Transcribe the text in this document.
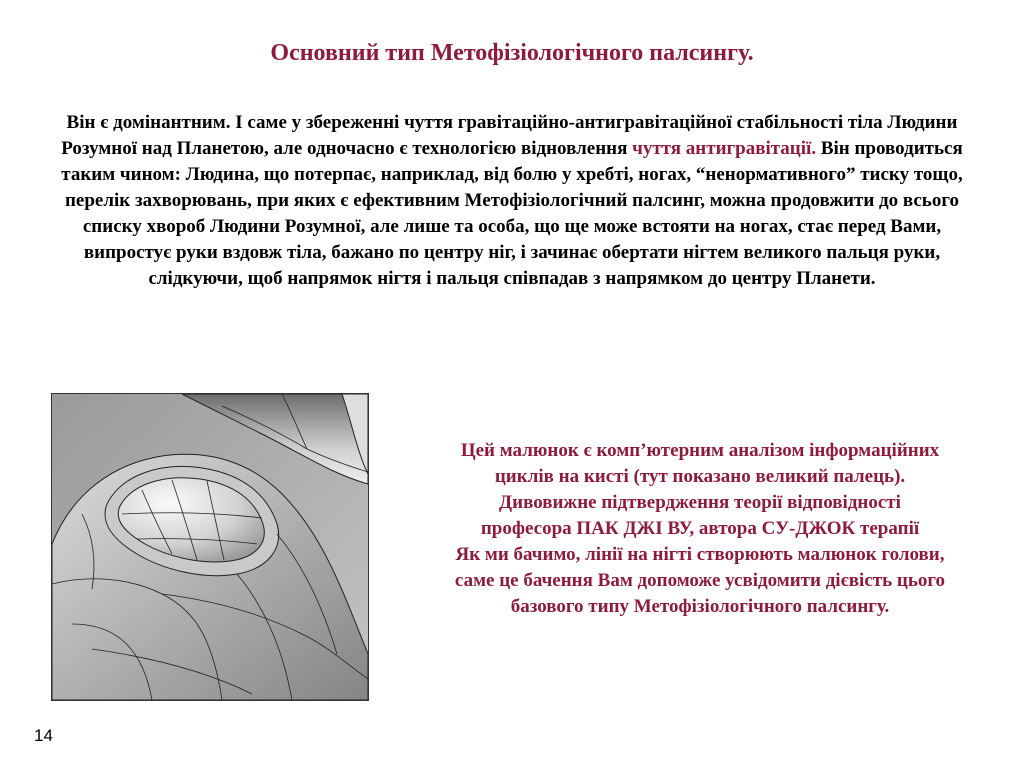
Основний тип Метофізіологічного палсингу.

Він є домінантним. І саме у збереженні чуття гравітаційно-антигравітаційної стабільності тіла Людини Розумної над Планетою, але одночасно є технологією відновлення чуття антигравітації. Він проводиться таким чином: Людина, що потерпає, наприклад, від болю у хребті, ногах, “ненормативного” тиску тощо, перелік захворювань, при яких є ефективним Метофізіологічний палсинг, можна продовжити до всього списку хвороб Людини Розумної, але лише та особа, що ще може встояти на ногах, стає перед Вами, випростує руки вздовж тіла, бажано по центру ніг, і зачинає обертати нігтем великого пальця руки, слідкуючи, щоб напрямок нігтя і пальця співпадав з напрямком до центру Планети.

Цей малюнок є комп’ютерним аналізом інформаційних
циклів на кисті (тут показано великий палець).
Дивовижне підтвердження теорії відповідності
професора ПАК ДЖІ ВУ, автора СУ-ДЖОК терапії
Як ми бачимо, лінії на нігті створюють малюнок голови,
саме це бачення Вам допоможе усвідомити дієвість цього
базового типу Метофізіологічного палсингу.
14
